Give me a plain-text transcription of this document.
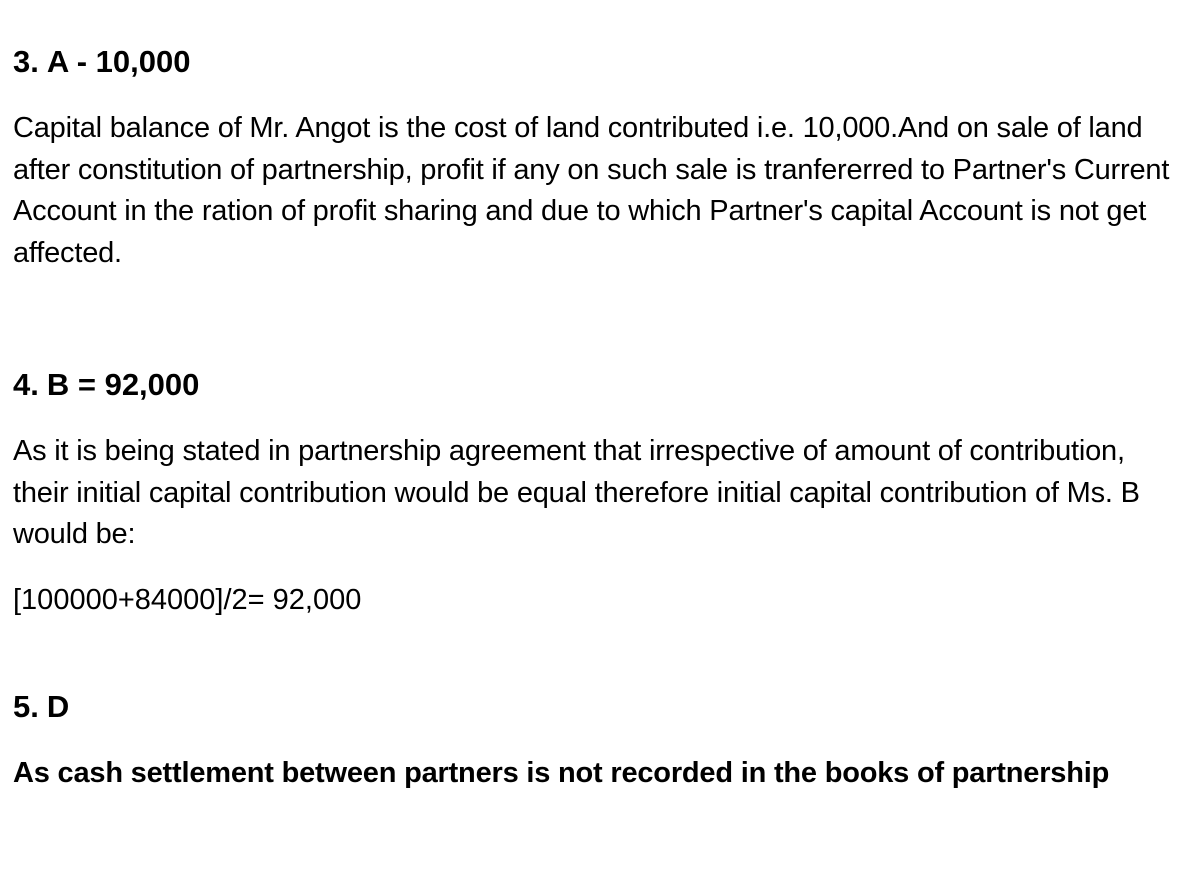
3. A - 10,000
Capital balance of Mr. Angot is the cost of land contributed i.e. 10,000.And on sale of land after constitution of partnership, profit if any on such sale is tranfererred to Partner's Current Account in the ration of profit sharing and due to which Partner's capital Account is not get affected.
4. B = 92,000
As it is being stated in partnership agreement that irrespective of amount of contribution, their initial capital contribution would be equal therefore initial capital contribution of Ms. B would be:
[100000+84000]/2= 92,000
5. D
As cash settlement between partners is not recorded in the books of partnership
